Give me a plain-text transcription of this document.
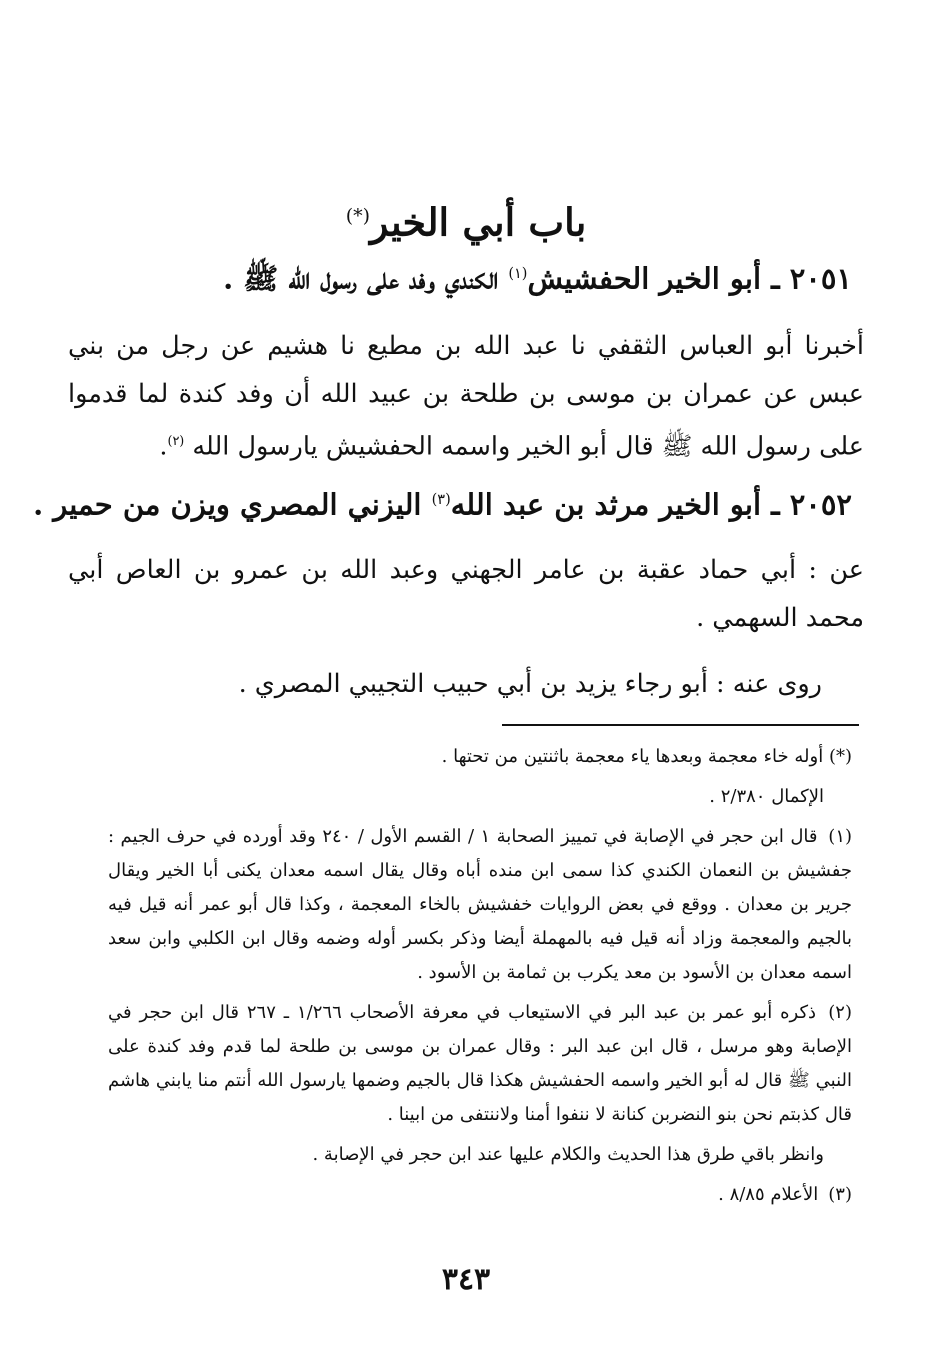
باب أبي الخير(*)
٢٠٥١ ـ أبو الخير الحفشيش$^{(١)}$ الكندي وفد على رسول الله ﷺ .
أخبرنا أبو العباس الثقفي نا عبد الله بن مطيع نا هشيم عن رجل من بني عبس عن عمران بن موسى بن طلحة بن عبيد الله أن وفد كندة لما قدموا على رسول الله ﷺ قال أبو الخير واسمه الحفشيش يارسول الله $^{(٢)}$.
٢٠٥٢ ـ أبو الخير مرثد بن عبد الله$^{(٣)}$ اليزني المصري ويزن من حمير .
عن : أبي حماد عقبة بن عامر الجهني وعبد الله بن عمرو بن العاص أبي محمد السهمي .
روى عنه : أبو رجاء يزيد بن أبي حبيب التجيبي المصري .
(*) أوله خاء معجمة وبعدها ياء معجمة باثنتين من تحتها .
الإكمال ٢/٣٨٠ .
(١) قال ابن حجر في الإصابة في تمييز الصحابة ١ / القسم الأول / ٢٤٠ وقد أورده في حرف الجيم : جفشيش بن النعمان الكندي كذا سمى ابن منده أباه وقال يقال اسمه معدان يكنى أبا الخير ويقال جرير بن معدان . ووقع في بعض الروايات خفشيش بالخاء المعجمة ، وكذا قال أبو عمر أنه قيل فيه بالجيم والمعجمة وزاد أنه قيل فيه بالمهملة أيضا وذكر بكسر أوله وضمه وقال ابن الكلبي وابن سعد اسمه معدان بن الأسود بن معد يكرب بن ثمامة بن الأسود .
(٢) ذكره أبو عمر بن عبد البر في الاستيعاب في معرفة الأصحاب ١/٢٦٦ ـ ٢٦٧ قال ابن حجر في الإصابة وهو مرسل ، قال ابن عبد البر : وقال عمران بن موسى بن طلحة لما قدم وفد كندة على النبي ﷺ قال له أبو الخير واسمه الحفشيش هكذا قال بالجيم وضمها يارسول الله أنتم منا يابني هاشم قال كذبتم نحن بنو النضربن كنانة لا ننفوا أمنا ولاننتفى من ابينا .
وانظر باقي طرق هذا الحديث والكلام عليها عند ابن حجر في الإصابة .
(٣) الأعلام ٨/٨٥ .
٣٤٣
